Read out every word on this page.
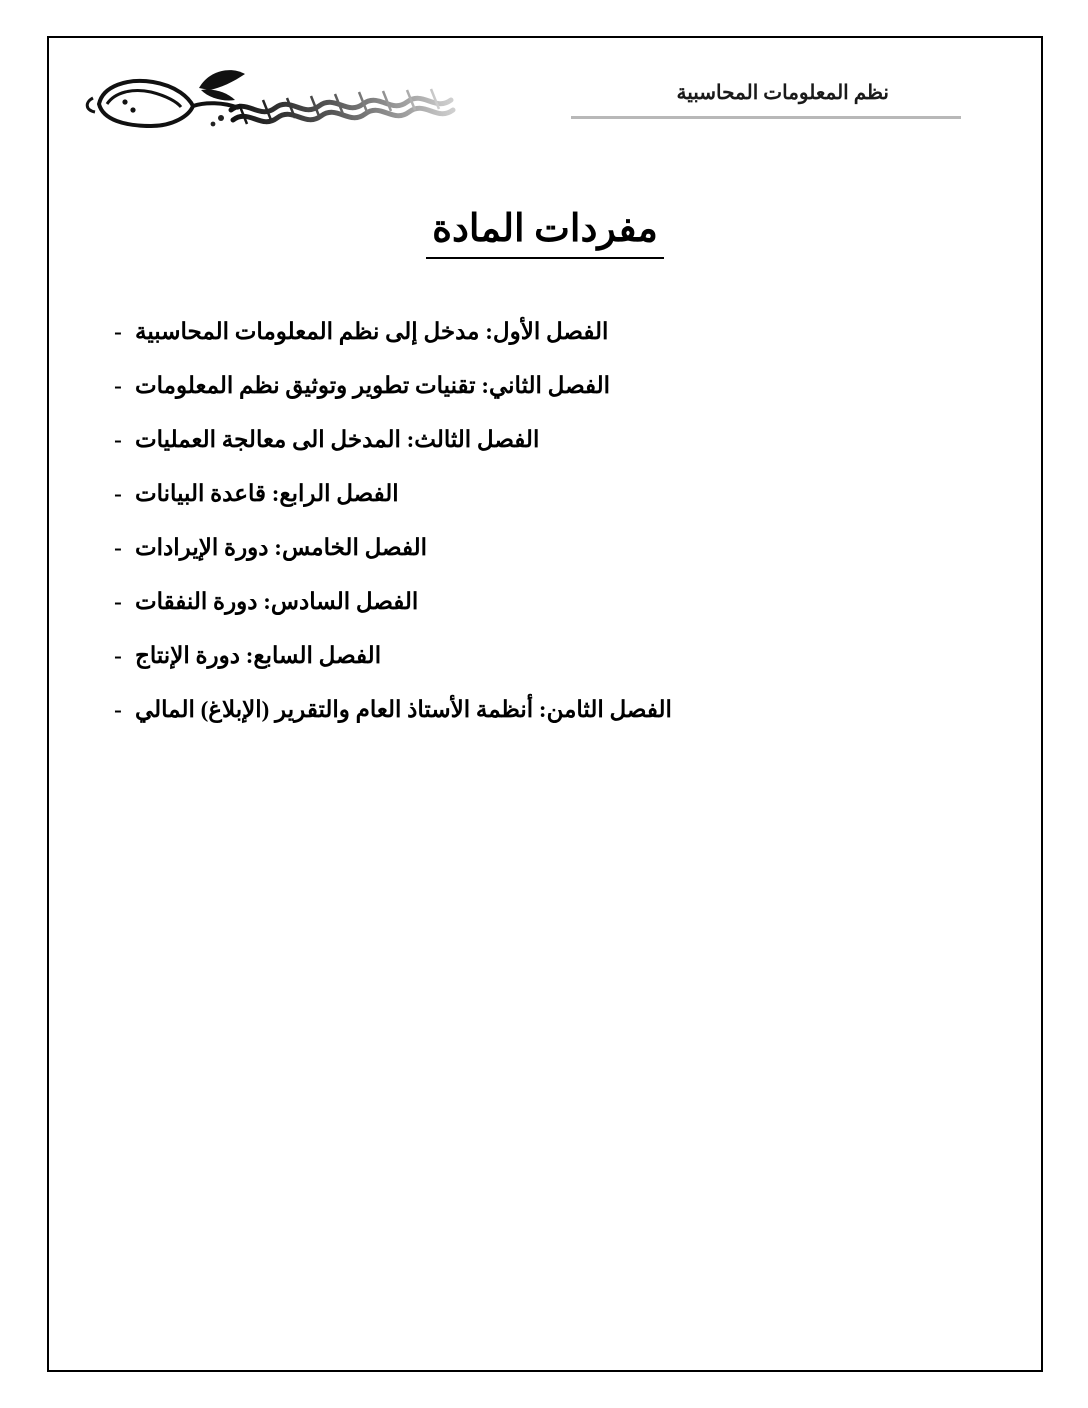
نظم المعلومات المحاسبية
مفردات المادة
الفصل الأول: مدخل إلى نظم المعلومات المحاسبية
-
الفصل الثاني: تقنيات تطوير وتوثيق نظم المعلومات
-
الفصل الثالث: المدخل الى معالجة العمليات
-
الفصل الرابع: قاعدة البيانات
-
الفصل الخامس: دورة الإيرادات
-
الفصل السادس: دورة النفقات
-
الفصل السابع: دورة الإنتاج
-
الفصل الثامن: أنظمة الأستاذ العام والتقرير (الإبلاغ) المالي
-
